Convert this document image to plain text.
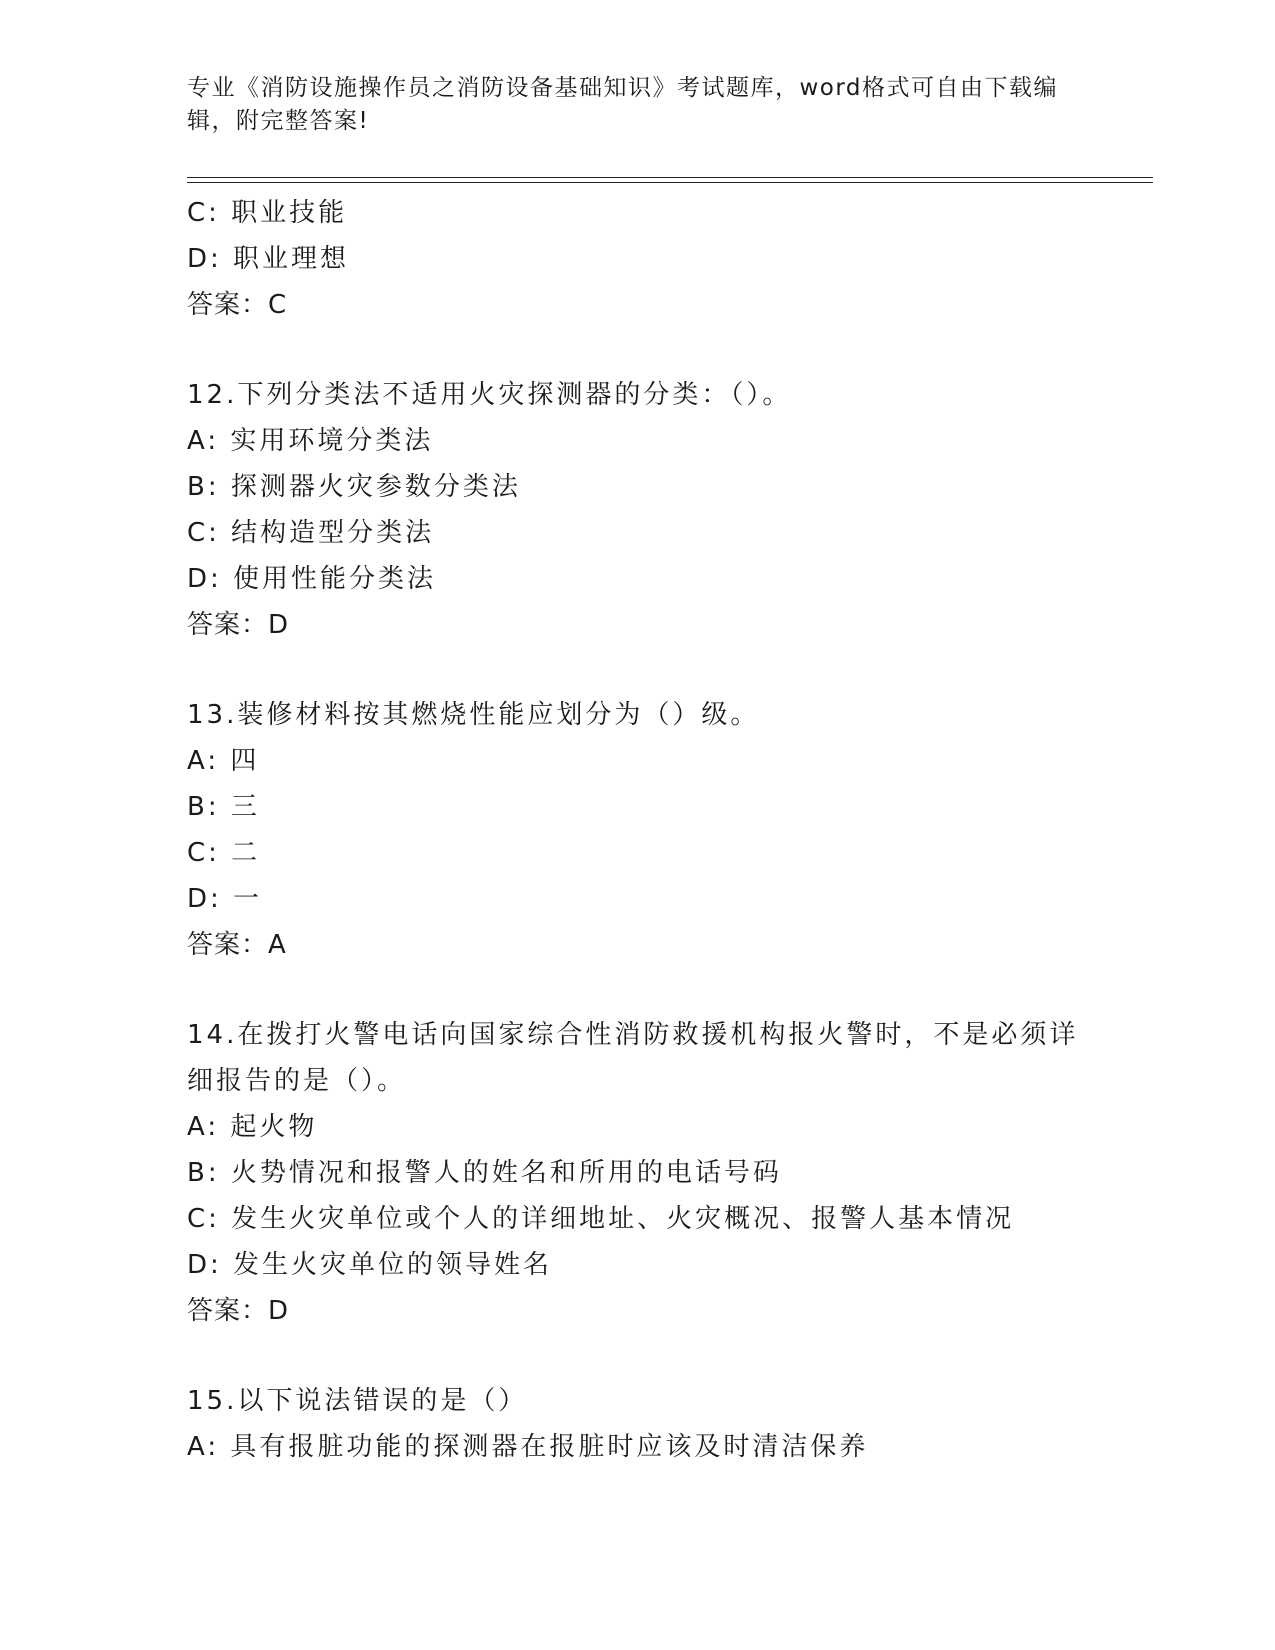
专业《消防设施操作员之消防设备基础知识》考试题库，word格式可自由下载编辑，附完整答案!
C: 职业技能
D: 职业理想
答案：C
12.下列分类法不适用火灾探测器的分类：（）。
A: 实用环境分类法
B: 探测器火灾参数分类法
C: 结构造型分类法
D: 使用性能分类法
答案：D
13.装修材料按其燃烧性能应划分为（）级。
A: 四
B: 三
C: 二
D: 一
答案：A
14.在拨打火警电话向国家综合性消防救援机构报火警时，不是必须详细报告的是（）。
A: 起火物
B: 火势情况和报警人的姓名和所用的电话号码
C: 发生火灾单位或个人的详细地址、火灾概况、报警人基本情况
D: 发生火灾单位的领导姓名
答案：D
15.以下说法错误的是（）
A: 具有报脏功能的探测器在报脏时应该及时清洁保养
